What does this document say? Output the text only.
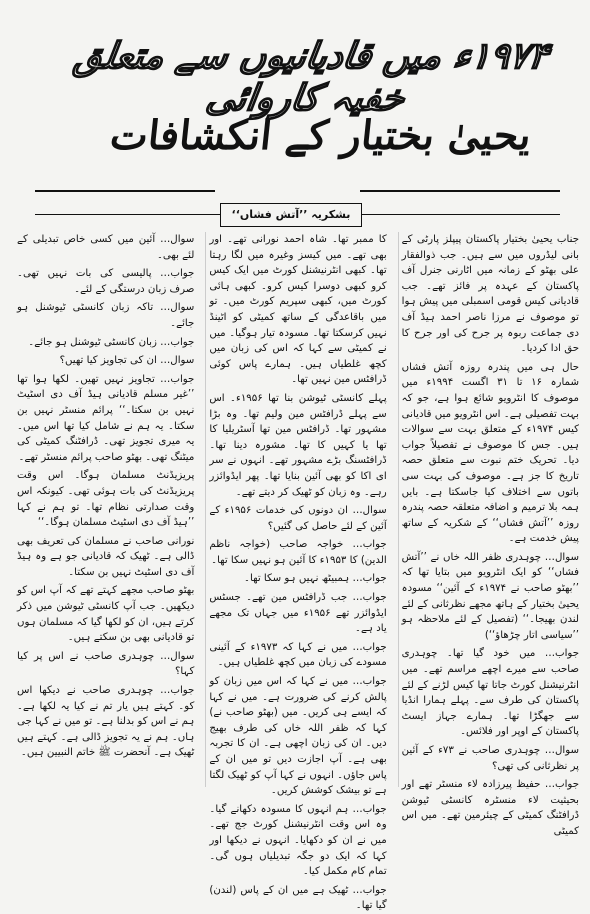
۱۹۷۴ء میں قادیانیوں سے متعلق خفیہ کاروائی
یحییٰ بختیار کے انکشافات
بشکریہ ’’آتش فشاں‘‘

جناب یحییٰ بختیار پاکستان پیپلز پارٹی کے بانی لیڈروں میں سے ہیں۔ جب ذوالفقار علی بھٹو کے زمانہ میں اٹارنی جنرل آف پاکستان کے عہدہ پر فائز تھے۔ جب قادیانی کیس قومی اسمبلی میں پیش ہوا تو موصوف نے مرزا ناصر احمد ہیڈ آف دی جماعت ربوہ پر جرح کی اور جرح کا حق ادا کردیا۔

حال ہی میں پندرہ روزہ آتش فشاں شمارہ ۱۶ تا ۳۱ اگست ۱۹۹۴ء میں موصوف کا انٹرویو شائع ہوا ہے، جو کہ بہت تفصیلی ہے۔ اس انٹرویو میں قادیانی کیس ۱۹۷۴ء کے متعلق بہت سے سوالات ہیں۔ جس کا موصوف نے تفصیلاً جواب دیا۔ تحریک ختم نبوت سے متعلق حصہ تاریخ کا جز ہے۔ موصوف کی بہت سی باتوں سے اختلاف کیا جاسکتا ہے۔ بایں ہمہ بلا ترمیم و اضافہ متعلقہ حصہ پندرہ روزہ ’’آتش فشاں‘‘ کے شکریہ کے ساتھ پیش خدمت ہے۔

سوال… چوہدری ظفر اللہ خاں نے ’’آتش فشاں‘‘ کو ایک انٹرویو میں بتایا تھا کہ ’’بھٹو صاحب نے ۱۹۷۴ء کے آئین‘‘ مسودہ یحییٰ بختیار کے ہاتھ مجھے نظرثانی کے لئے لندن بھیجا۔‘‘ (تفصیل کے لئے ملاحظہ ہو ’’سیاسی اتار چڑھاؤ‘‘)

جواب… میں خود گیا تھا۔ چوہدری صاحب سے میرے اچھے مراسم تھے۔ میں انٹرنیشنل کورٹ جاتا تھا کیس لڑنے کے لئے پاکستان کی طرف سے۔ پہلے ہمارا انڈیا سے جھگڑا تھا۔ ہمارے جہاز ایسٹ پاکستان کے اوپر اور فلائس۔

سوال… چوہدری صاحب نے ۷۳ء کے آئین پر نظرثانی کی تھی؟

جواب… حفیظ پیرزادہ لاء منسٹر تھے اور بحیثیت لاء منسٹرہ کانسٹی ٹیوشن ڈرافٹنگ کمیٹی کے چیئرمین تھے۔ میں اس کمیٹی

کا ممبر تھا۔ شاہ احمد نورانی تھے۔ اور بھی تھے۔ میں کیسز وغیرہ میں لگا رہتا تھا۔ کبھی انٹرنیشنل کورٹ میں ایک کیس کرو کبھی دوسرا کیس کرو۔ کبھی ہائی کورٹ میں، کبھی سپریم کورٹ میں۔ تو میں باقاعدگی کے ساتھ کمیٹی کو اٹینڈ نہیں کرسکتا تھا۔ مسودہ تیار ہوگیا۔ میں نے کمیٹی سے کہا کہ اس کی زبان میں کچھ غلطیاں ہیں۔ ہمارے پاس کوئی ڈرافٹس مین نہیں تھا۔

پہلے کانسٹی ٹیوشن بنا تھا ۱۹۵۶ء۔ اس سے پہلے ڈرافٹس مین ولیم تھا۔ وہ بڑا مشہور تھا۔ ڈرافٹس مین تھا آسٹریلیا کا تھا یا کہیں کا تھا۔ مشورہ دینا تھا۔ ڈرافٹسنگ بڑے مشہور تھے۔ انہوں نے سر ای اکا کو بھی آئین بنایا تھا۔ پھر ایڈوائزر رہے۔ وہ زبان کو ٹھیک کر دیتے تھے۔

سوال… ان دونوں کی خدمات ۱۹۵۶ء کے آئین کے لئے حاصل کی گئیں؟

جواب… خواجہ صاحب (خواجہ ناظم الدین) کا ۱۹۵۳ء کا آئین ہو نہیں سکا تھا۔

جواب… ہمبیٹھ نہیں ہو سکا تھا۔

جواب… جب ڈرافٹس مین تھے۔ جسٹس ایڈوائزر تھے ۱۹۵۶ء میں جہاں تک مجھے یاد ہے۔

جواب… میں نے کہا کہ ۱۹۷۳ء کے آئینی مسودے کی زبان میں کچھ غلطیاں ہیں۔

جواب… میں نے کہا کہ اس میں زبان کو پالش کرنے کی ضرورت ہے۔ میں نے کہا کہ ایسے ہی کریں۔ میں (بھٹو صاحب نے) کہا کہ ظفر اللہ خاں کی طرف بھیج دیں۔ ان کی زبان اچھی ہے۔ ان کا تجربہ بھی ہے۔ آپ اجازت دیں تو میں ان کے پاس جاؤں۔ انہوں نے کہا آپ کو ٹھیک لگتا ہے تو بیشک کوشش کریں۔

جواب… ہم انہوں کا مسودہ دکھانے گیا۔ وہ اس وقت انٹرنیشنل کورٹ جج تھے۔ میں نے ان کو دکھایا۔ انہوں نے دیکھا اور کہا کہ ایک دو جگہ تبدیلیاں ہوں گی۔ تمام کام مکمل کیا۔

جواب… ٹھیک ہے میں ان کے پاس (لندن) گیا تھا۔

سوال… آئین میں کسی خاص تبدیلی کے لئے بھی۔

جواب… پالیسی کی بات نہیں تھی۔ صرف زبان درستگی کے لئے۔

سوال… تاکہ زبان کانسٹی ٹیوشنل ہو جائے۔

جواب… زبان کانسٹی ٹیوشنل ہو جائے۔

سوال… ان کی تجاویز کیا تھیں؟

جواب… تجاویز نہیں تھیں۔ لکھا ہوا تھا ’’غیر مسلم قادیانی ہیڈ آف دی اسٹیٹ نہیں بن سکتا۔‘‘ پرائم منسٹر نہیں بن سکتا۔ یہ ہم نے شامل کیا تھا اس میں۔ یہ میری تجویز تھی۔ ڈرافٹنگ کمیٹی کی میٹنگ تھی۔ بھٹو صاحب پرائم منسٹر تھے۔

پریزیڈنٹ مسلمان ہوگا۔ اس وقت پریزیڈنٹ کی بات ہوئی تھی۔ کیونکہ اس وقت صدارتی نظام تھا۔ تو ہم نے کہا ’’ہیڈ آف دی اسٹیٹ مسلمان ہوگا۔‘‘

نورانی صاحب نے مسلمان کی تعریف بھی ڈالی ہے۔ ٹھیک کہ قادیانی جو ہے وہ ہیڈ آف دی اسٹیٹ نہیں بن سکتا۔

بھٹو صاحب مجھے کہتے تھے کہ آپ اس کو دیکھیں۔ جب آپ کانسٹی ٹیوشن میں ذکر کرتے ہیں، ان کو لکھا گیا کہ مسلمان ہوں تو قادیانی بھی بن سکتے ہیں۔

سوال… چوہدری صاحب نے اس پر کیا کہا؟

جواب… چوہدری صاحب نے دیکھا اس کو۔ کہتے ہیں یار تم نے کیا یہ لکھا ہے۔ ہم نے اس کو بدلنا ہے۔ تو میں نے کہا جی ہاں۔ ہم نے یہ تجویز ڈالی ہے۔ کہتے ہیں ٹھیک ہے۔ آنحضرت ﷺ خاتم النبیین ہیں۔
